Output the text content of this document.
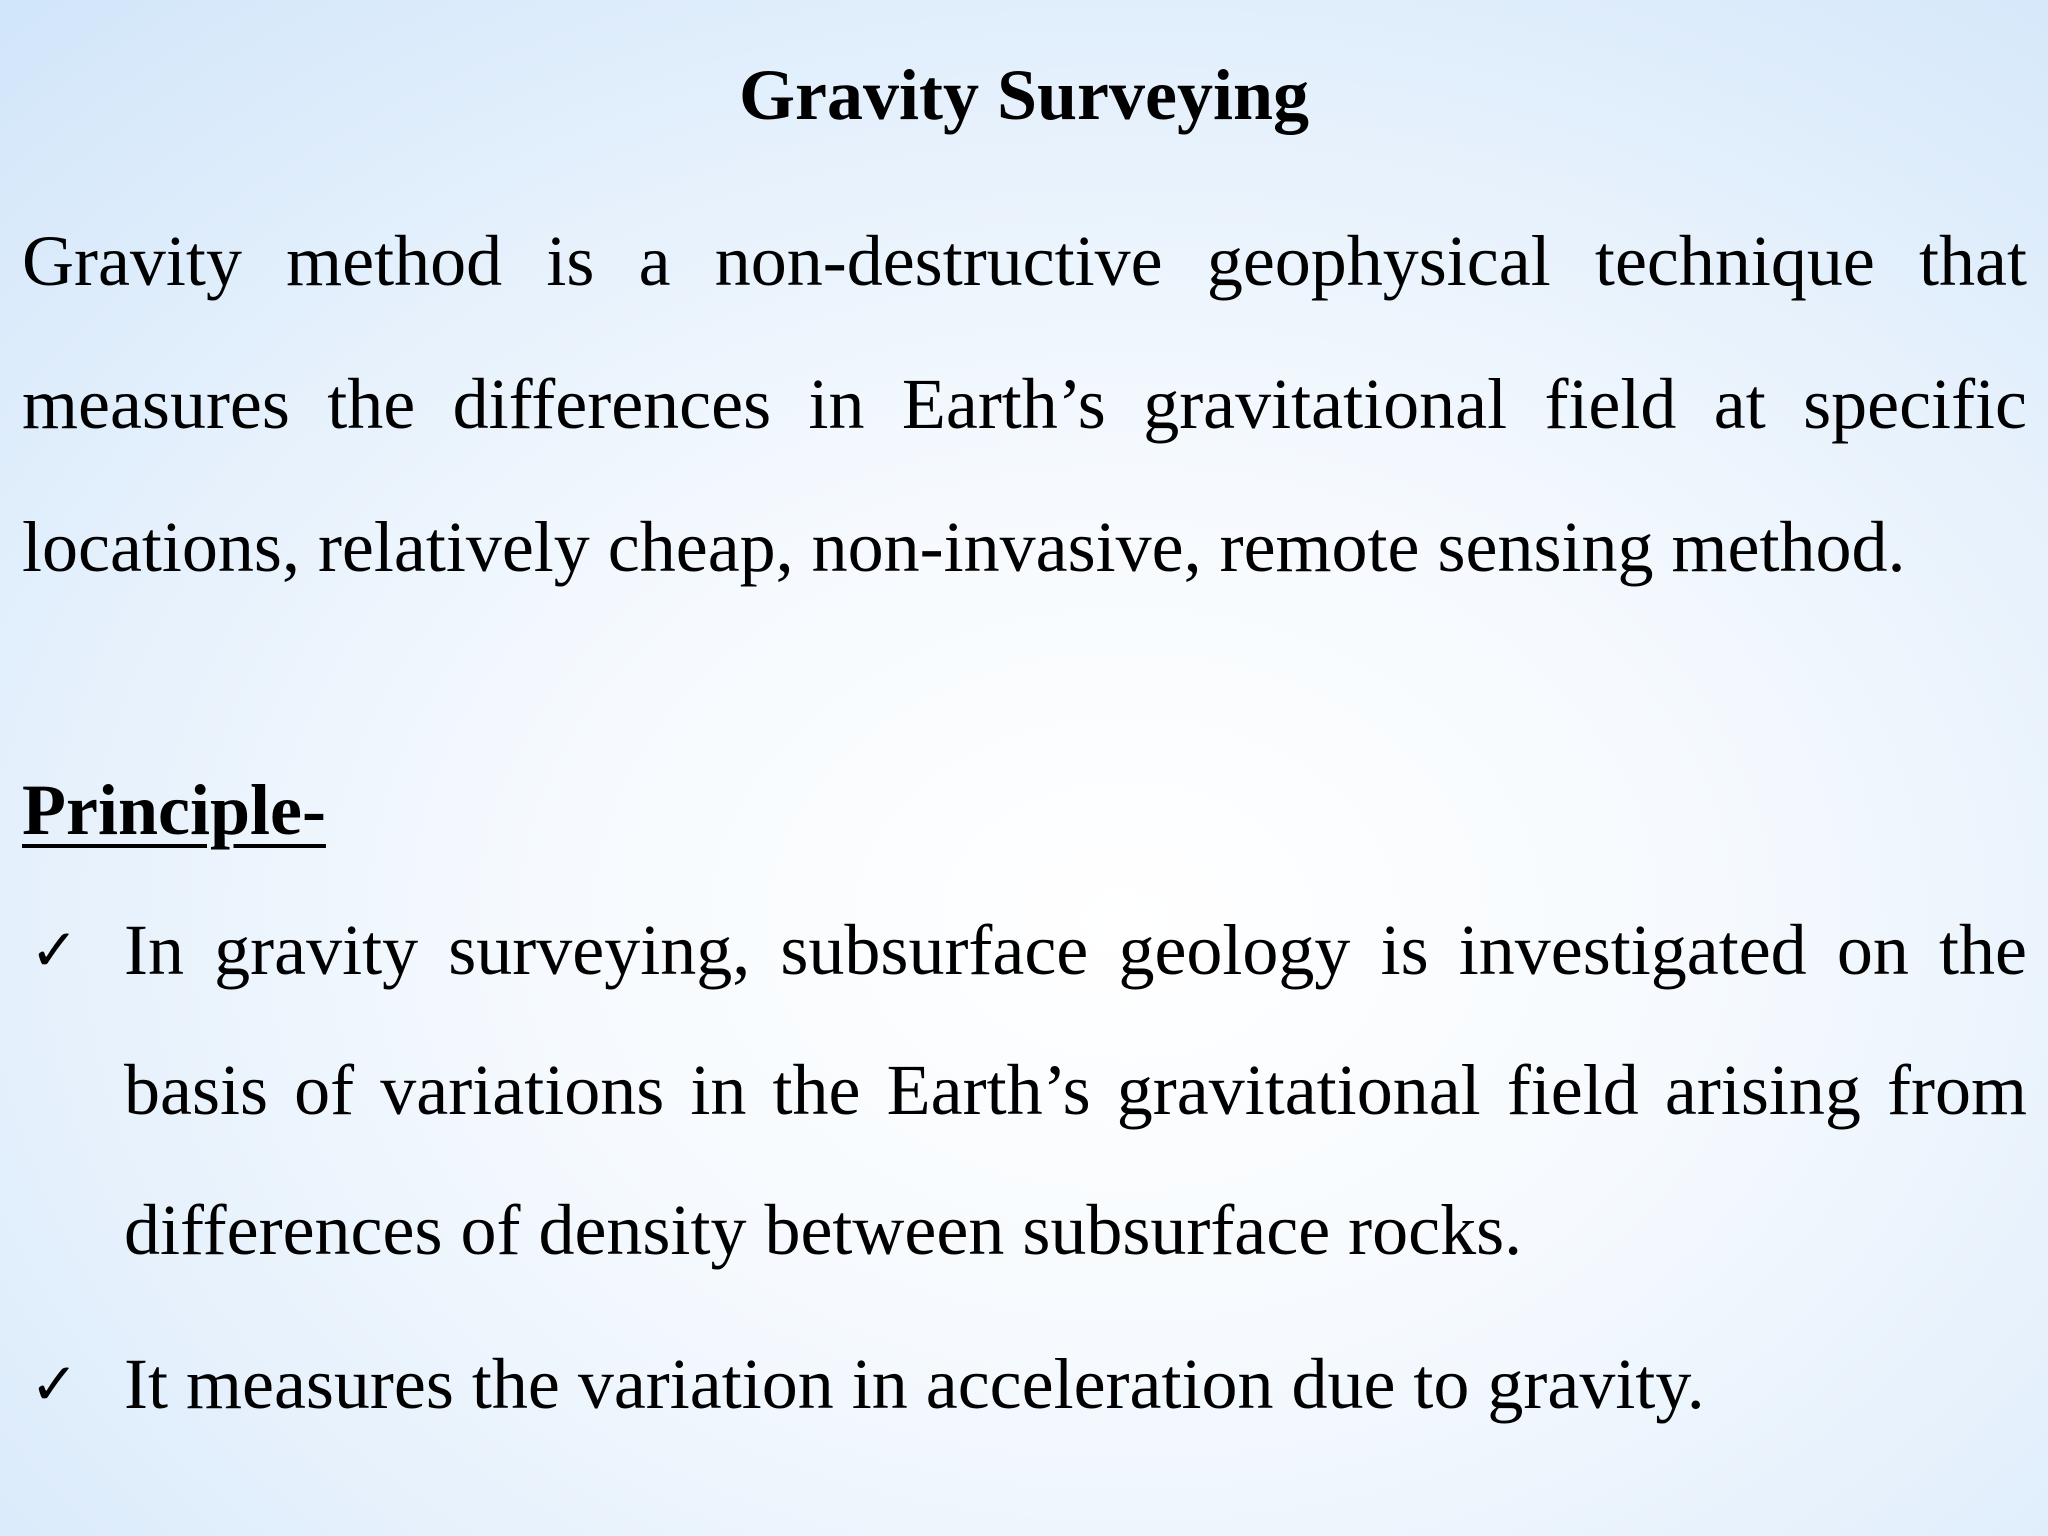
Gravity Surveying

Gravity method is a non-destructive geophysical technique that measures the differences in Earth’s gravitational field at specific locations, relatively cheap, non-invasive, remote sensing method.

Principle-
✓ In gravity surveying, subsurface geology is investigated on the basis of variations in the Earth’s gravitational field arising from differences of density between subsurface rocks.
✓ It measures the variation in acceleration due to gravity.
